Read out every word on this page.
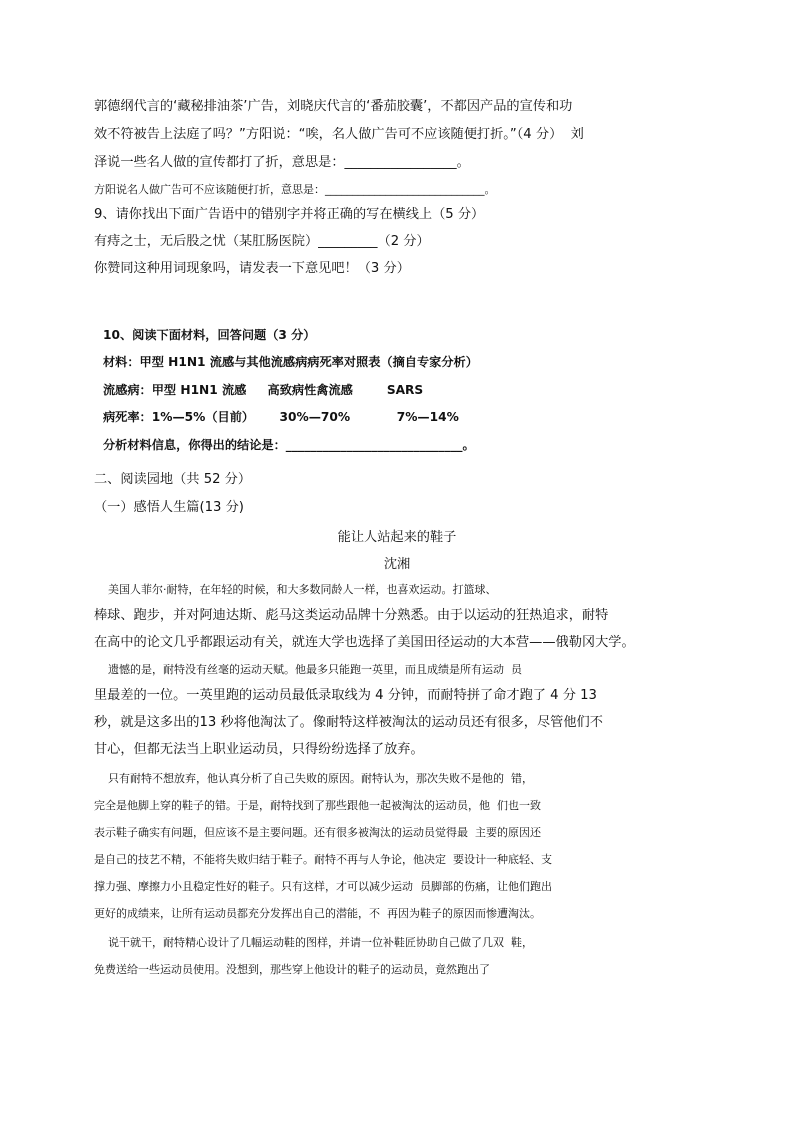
郭德纲代言的‘藏秘排油茶’广告，刘晓庆代言的‘番茄胶囊’，不都因产品的宣传和功
效不符被告上法庭了吗？”方阳说：“唉，名人做广告可不应该随便打折。”（4 分）  刘
泽说一些名人做的宣传都打了折，意思是：_________________。
方阳说名人做广告可不应该随便打折，意思是：_____________________________。
9、请你找出下面广告语中的错别字并将正确的写在横线上（5 分）
有痔之士，无后股之忧（某肛肠医院）_________（2 分）
你赞同这种用词现象吗，请发表一下意见吧！（3 分）
10、阅读下面材料，回答问题（3 分）
材料：甲型 H1N1 流感与其他流感病病死率对照表（摘自专家分析）
流感病：甲型 H1N1 流感     高致病性禽流感        SARS
病死率：1%—5%（目前）      30%—70%           7%—14%
分析材料信息，你得出的结论是：_____________________________。
二、阅读园地（共 52 分）
（一）感悟人生篇(13 分)
能让人站起来的鞋子
沈湘
美国人菲尔·耐特，在年轻的时候，和大多数同龄人一样，也喜欢运动。打篮球、
棒球、跑步，并对阿迪达斯、彪马这类运动品牌十分熟悉。由于以运动的狂热追求，耐特
在高中的论文几乎都跟运动有关，就连大学也选择了美国田径运动的大本营——俄勒冈大学。
遗憾的是，耐特没有丝毫的运动天赋。他最多只能跑一英里，而且成绩是所有运动  员
里最差的一位。一英里跑的运动员最低录取线为 4 分钟，而耐特拼了命才跑了 4 分 13
秒，就是这多出的13 秒将他淘汰了。像耐特这样被淘汰的运动员还有很多，尽管他们不
甘心，但都无法当上职业运动员，只得纷纷选择了放弃。
只有耐特不想放弃，他认真分析了自己失败的原因。耐特认为，那次失败不是他的  错，
完全是他脚上穿的鞋子的错。于是，耐特找到了那些跟他一起被淘汰的运动员，他  们也一致
表示鞋子确实有问题，但应该不是主要问题。还有很多被淘汰的运动员觉得最  主要的原因还
是自己的技艺不精，不能将失败归结于鞋子。耐特不再与人争论，他决定  要设计一种底轻、支
撑力强、摩擦力小且稳定性好的鞋子。只有这样，才可以减少运动  员脚部的伤痛，让他们跑出
更好的成绩来，让所有运动员都充分发挥出自己的潜能，不  再因为鞋子的原因而惨遭淘汰。
说干就干，耐特精心设计了几幅运动鞋的图样，并请一位补鞋匠协助自己做了几双  鞋，
免费送给一些运动员使用。没想到，那些穿上他设计的鞋子的运动员，竟然跑出了
